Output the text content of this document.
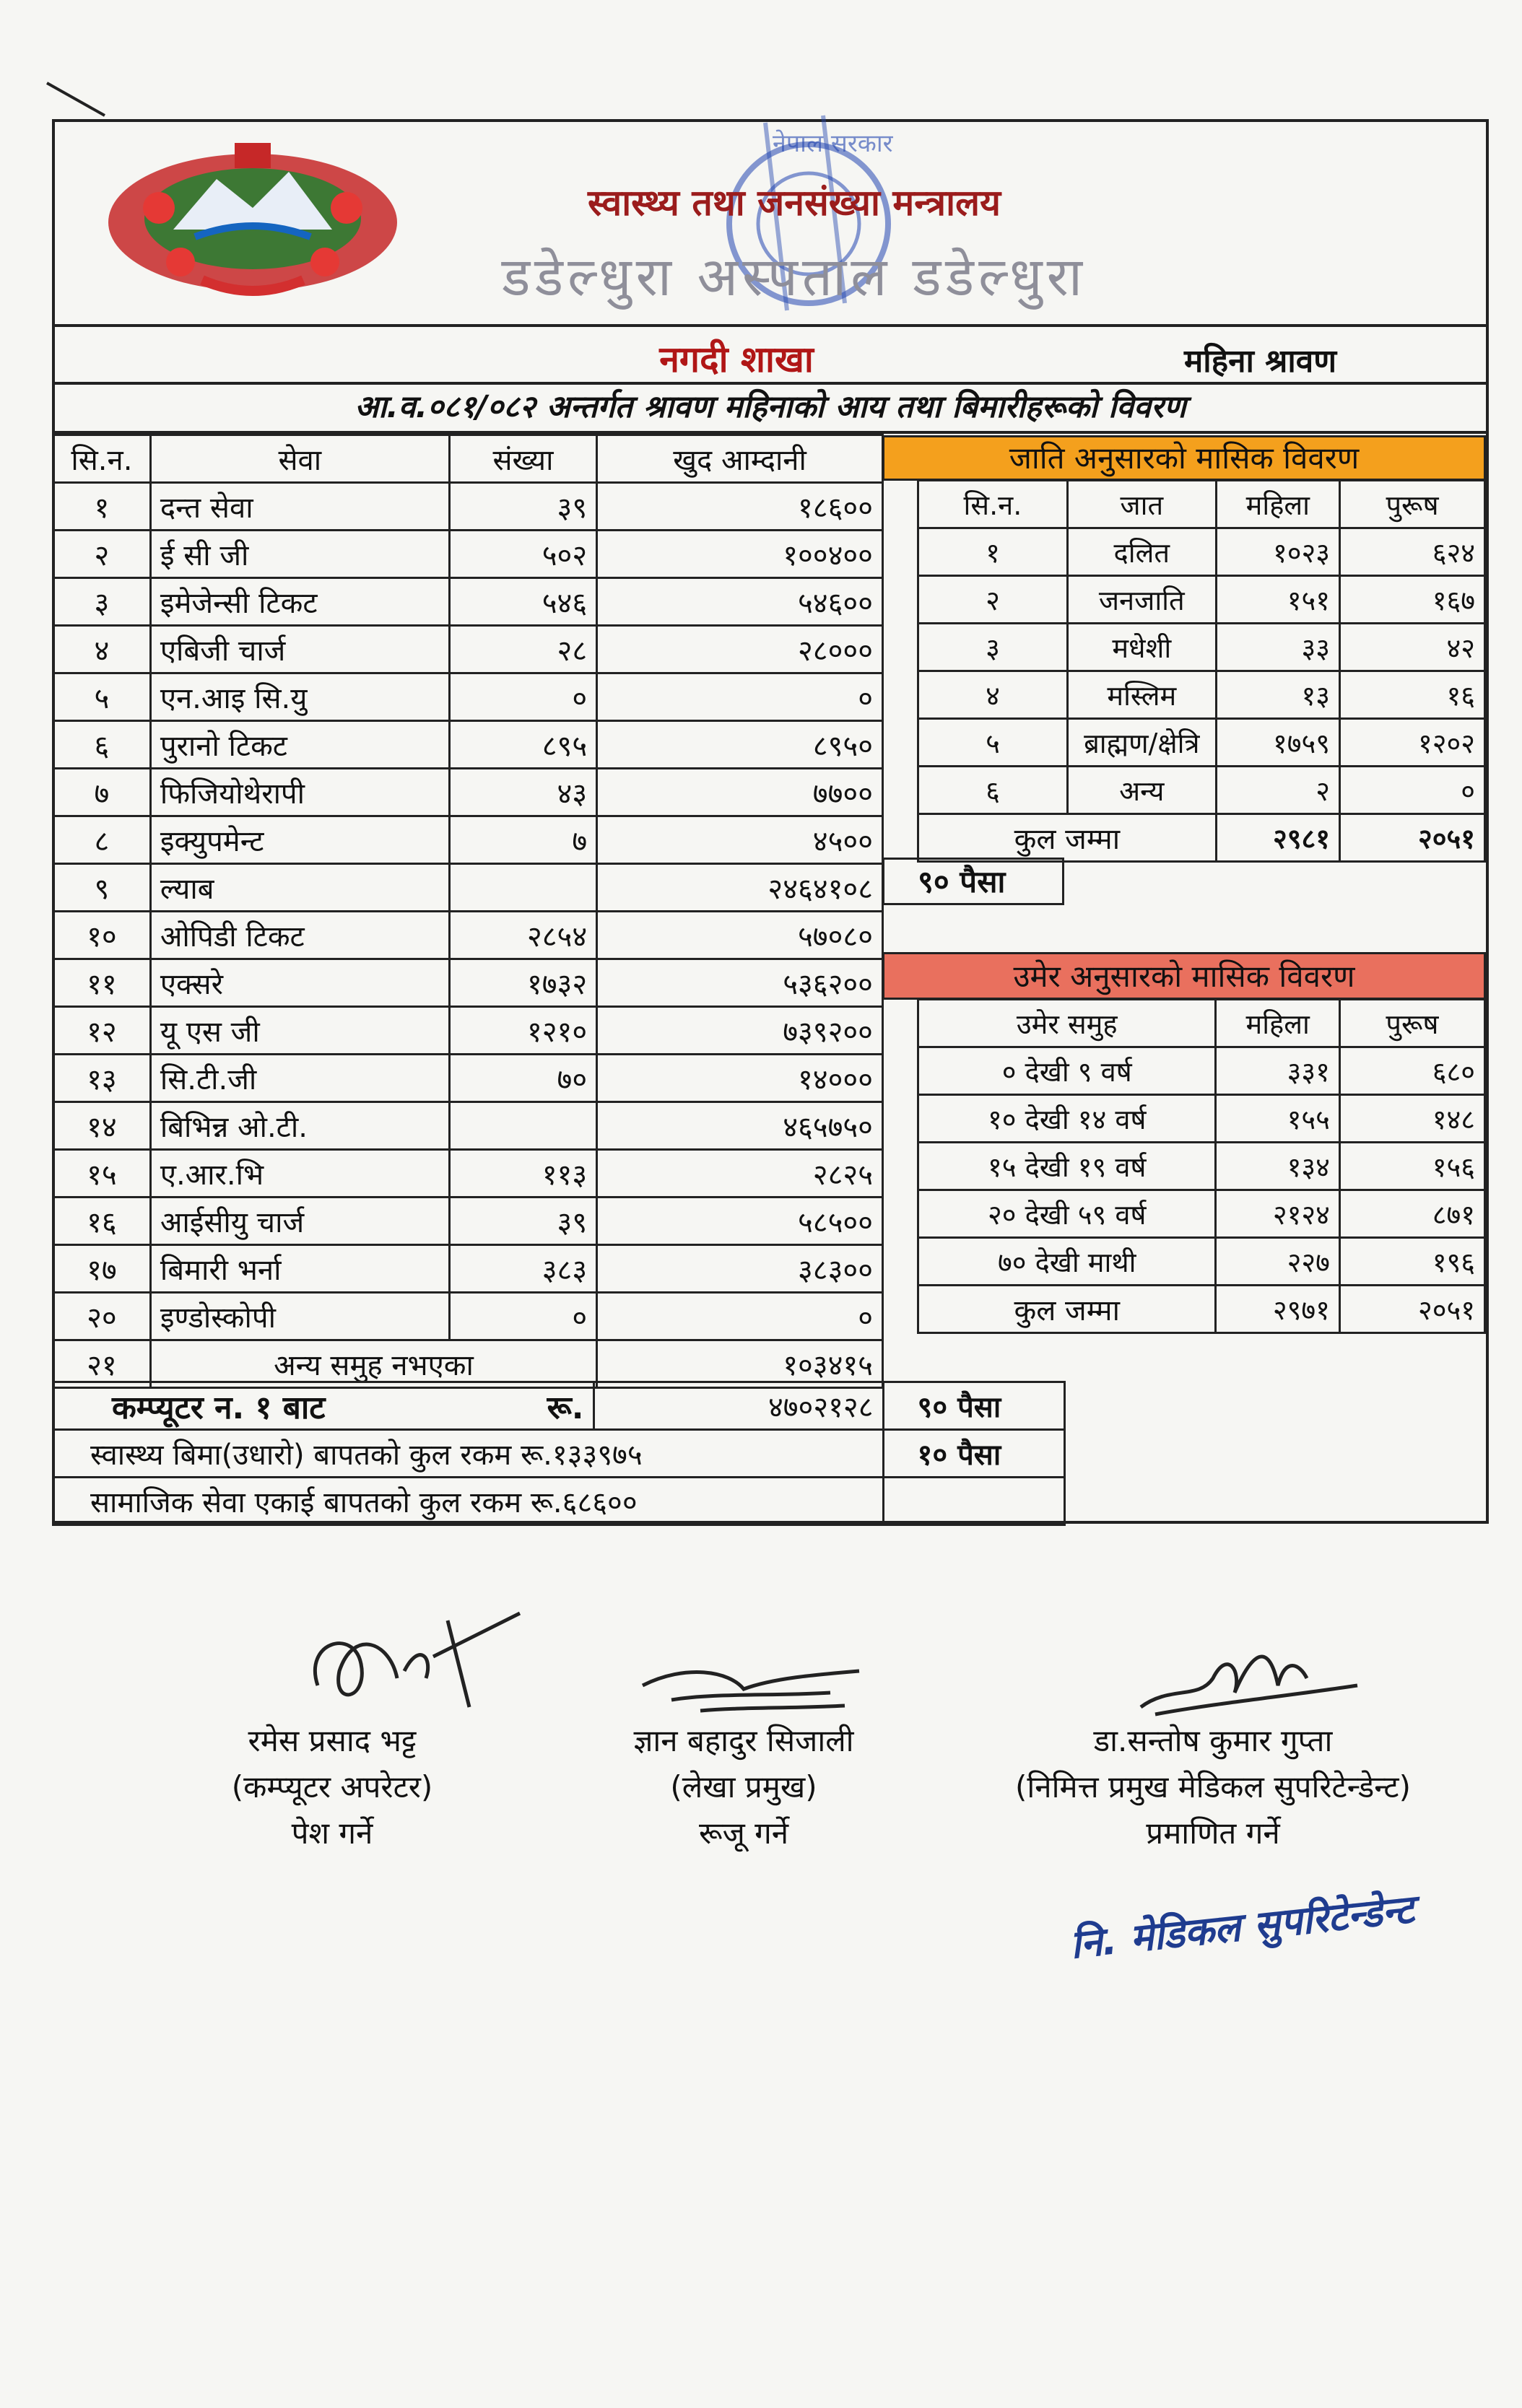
नेपाल सरकार
स्वास्थ्य तथा जनसंख्या मन्त्रालय
डडेल्धुरा अस्पताल डडेल्धुरा
नगदी शाखा	महिना श्रावण
आ.व.०८१/०८२ अन्तर्गत श्रावण महिनाको आय तथा बिमारीहरूको विवरण
सि.न.	सेवा	संख्या	खुद आम्दानी
१	दन्त सेवा	३९	१८६००
२	ई सी जी	५०२	१००४००
३	इमेजेन्सी टिकट	५४६	५४६००
४	एबिजी चार्ज	२८	२८०००
५	एन.आइ सि.यु	०	०
६	पुरानो टिकट	८९५	८९५०
७	फिजियोथेरापी	४३	७७००
८	इक्युपमेन्ट	७	४५००
९	ल्याब		२४६४१०८
१०	ओपिडी टिकट	२८५४	५७०८०
११	एक्सरे	१७३२	५३६२००
१२	यू एस जी	१२१०	७३९२००
१३	सि.टी.जी	७०	१४०००
१४	बिभिन्न ओ.टी.		४६५७५०
१५	ए.आर.भि	११३	२८२५
१६	आईसीयु चार्ज	३९	५८५००
१७	बिमारी भर्ना	३८३	३८३००
२०	इण्डोस्कोपी	०	०
२१	अन्य समुह नभएका		१०३४१५
९० पैसा
कम्प्यूटर न. १ बाट रू.	४७०२१२८	९० पैसा
स्वास्थ्य बिमा(उधारो) बापतको कुल रकम रू.१३३९७५		१० पैसा
सामाजिक सेवा एकाई बापतको कुल रकम रू.६८६००		
जाति अनुसारको मासिक विवरण
सि.न.	जात	महिला	पुरूष
१	दलित	१०२३	६२४
२	जनजाति	१५१	१६७
३	मधेशी	३३	४२
४	मस्लिम	१३	१६
५	ब्राह्मण/क्षेत्रि	१७५९	१२०२
६	अन्य	२	०
कुल जम्मा		२९८१	२०५१
उमेर अनुसारको मासिक विवरण
उमेर समुह	महिला	पुरूष
० देखी ९ वर्ष	३३१	६८०
१० देखी १४ वर्ष	१५५	१४८
१५ देखी १९ वर्ष	१३४	१५६
२० देखी ५९ वर्ष	२१२४	८७१
७० देखी माथी	२२७	१९६
कुल जम्मा	२९७१	२०५१
रमेस प्रसाद भट्ट
(कम्प्यूटर अपरेटर)
पेश गर्ने
ज्ञान बहादुर सिजाली
(लेखा प्रमुख)
रूजू गर्ने
डा.सन्तोष कुमार गुप्ता
(निमित्त प्रमुख मेडिकल सुपरिटेन्डेन्ट)
प्रमाणित गर्ने
नि. मेडिकल सुपरिटेन्डेन्ट
